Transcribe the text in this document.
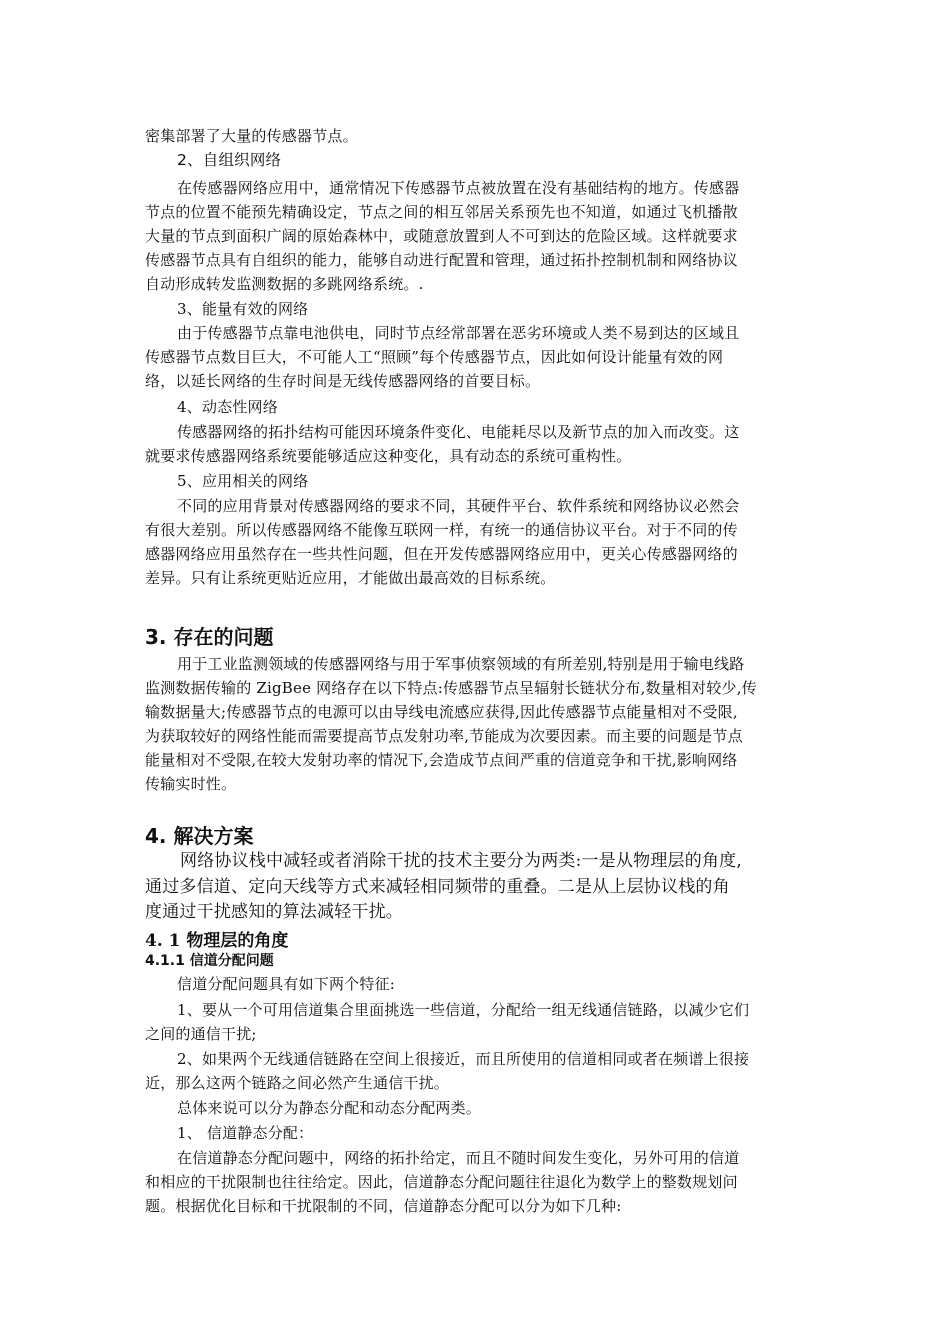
密集部署了大量的传感器节点。
2、自组织网络
在传感器网络应用中，通常情况下传感器节点被放置在没有基础结构的地方。传感器
节点的位置不能预先精确设定，节点之间的相互邻居关系预先也不知道，如通过飞机播散
大量的节点到面积广阔的原始森林中，或随意放置到人不可到达的危险区域。这样就要求
传感器节点具有自组织的能力，能够自动进行配置和管理，通过拓扑控制机制和网络协议
自动形成转发监测数据的多跳网络系统。.
3、能量有效的网络
由于传感器节点靠电池供电，同时节点经常部署在恶劣环境或人类不易到达的区域且
传感器节点数目巨大，不可能人工“照顾”每个传感器节点，因此如何设计能量有效的网
络，以延长网络的生存时间是无线传感器网络的首要目标。
4、动态性网络
传感器网络的拓扑结构可能因环境条件变化、电能耗尽以及新节点的加入而改变。这
就要求传感器网络系统要能够适应这种变化，具有动态的系统可重构性。
5、应用相关的网络
不同的应用背景对传感器网络的要求不同，其硬件平台、软件系统和网络协议必然会
有很大差别。所以传感器网络不能像互联网一样，有统一的通信协议平台。对于不同的传
感器网络应用虽然存在一些共性问题，但在开发传感器网络应用中，更关心传感器网络的
差异。只有让系统更贴近应用，才能做出最高效的目标系统。
3. 存在的问题
用于工业监测领域的传感器网络与用于军事侦察领域的有所差别,特别是用于输电线路
监测数据传输的 ZigBee 网络存在以下特点:传感器节点呈辐射长链状分布,数量相对较少,传
输数据量大;传感器节点的电源可以由导线电流感应获得,因此传感器节点能量相对不受限,
为获取较好的网络性能而需要提高节点发射功率,节能成为次要因素。而主要的问题是节点
能量相对不受限,在较大发射功率的情况下,会造成节点间严重的信道竞争和干扰,影响网络
传输实时性。
4. 解决方案
网络协议栈中减轻或者消除干扰的技术主要分为两类:一是从物理层的角度,
通过多信道、定向天线等方式来减轻相同频带的重叠。二是从上层协议栈的角
度通过干扰感知的算法减轻干扰。
4. 1 物理层的角度
4.1.1 信道分配问题
信道分配问题具有如下两个特征:
1、要从一个可用信道集合里面挑选一些信道，分配给一组无线通信链路，以减少它们
之间的通信干扰;
2、如果两个无线通信链路在空间上很接近，而且所使用的信道相同或者在频谱上很接
近，那么这两个链路之间必然产生通信干扰。
总体来说可以分为静态分配和动态分配两类。
1、 信道静态分配：
在信道静态分配问题中，网络的拓扑给定，而且不随时间发生变化，另外可用的信道
和相应的干扰限制也往往给定。因此，信道静态分配问题往往退化为数学上的整数规划问
题。根据优化目标和干扰限制的不同，信道静态分配可以分为如下几种:
